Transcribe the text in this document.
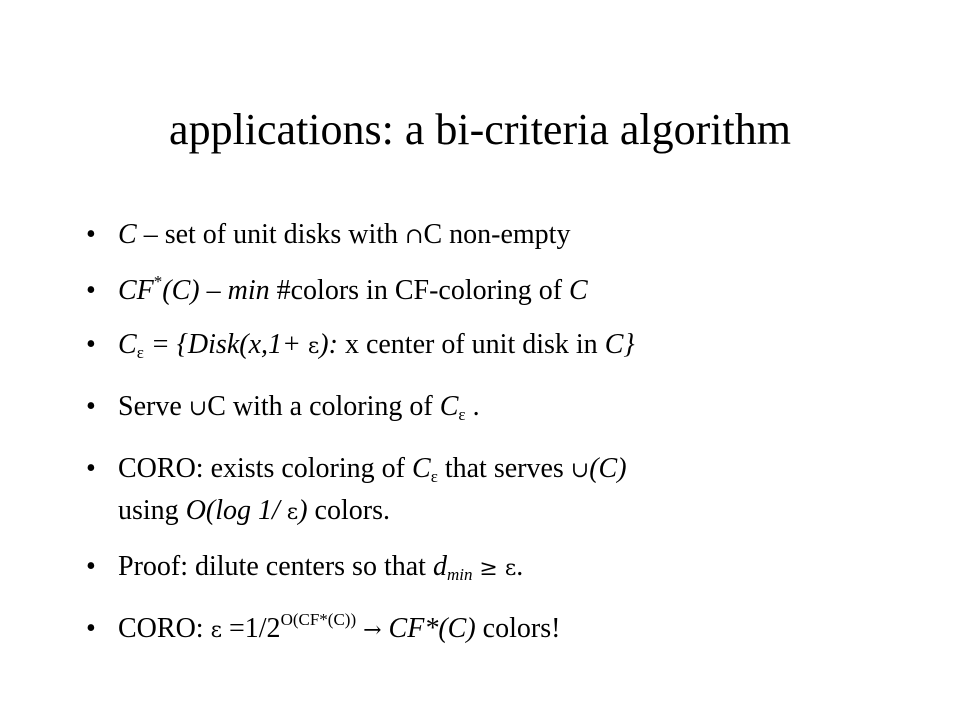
applications: a bi-criteria algorithm
• C – set of unit disks with ∩C non-empty
• CF*(C) – min #colors in CF-coloring of C
• $C_\varepsilon$ = {Disk(x,1+ ε): x center of unit disk in C}
• Serve ∪C with a coloring of $C_\varepsilon$ .
• CORO: exists coloring of $C_\varepsilon$ that serves ∪(C)
using O(log 1/ ε) colors.
• Proof: dilute centers so that $d_{min} \ge \varepsilon$.
• CORO: $\varepsilon =1/2^{O(CF*(C))} \to CF*(C)$ colors!
